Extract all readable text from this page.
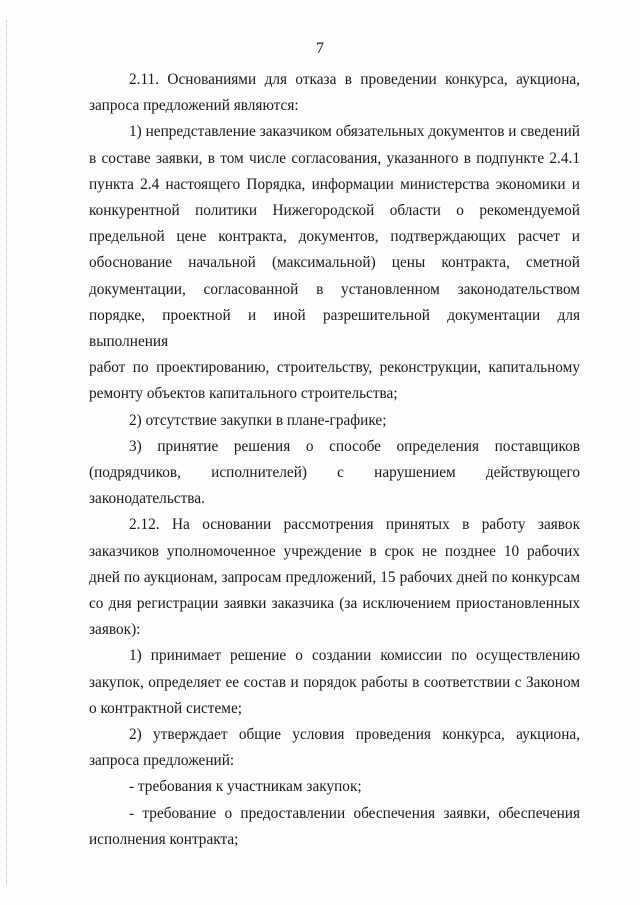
7

2.11. Основаниями для отказа в проведении конкурса, аукциона,

запроса предложений являются:

1) непредставление заказчиком обязательных документов и сведений

в составе заявки, в том числе согласования, указанного в подпункте 2.4.1

пункта 2.4 настоящего Порядка, информации министерства экономики и

конкурентной политики Нижегородской области о рекомендуемой

предельной цене контракта, документов, подтверждающих расчет и

обоснование начальной (максимальной) цены контракта, сметной

документации, согласованной в установленном законодательством

порядке, проектной и иной разрешительной документации для выполнения

работ по проектированию, строительству, реконструкции, капитальному

ремонту объектов капитального строительства;

2) отсутствие закупки в плане-графике;

3) принятие решения о способе определения поставщиков

(подрядчиков, исполнителей) с нарушением действующего

законодательства.

2.12. На основании рассмотрения принятых в работу заявок

заказчиков уполномоченное учреждение в срок не позднее 10 рабочих

дней по аукционам, запросам предложений, 15 рабочих дней по конкурсам

со дня регистрации заявки заказчика (за исключением приостановленных

заявок):

1) принимает решение о создании комиссии по осуществлению

закупок, определяет ее состав и порядок работы в соответствии с Законом

о контрактной системе;

2) утверждает общие условия проведения конкурса, аукциона,

запроса предложений:

- требования к участникам закупок;

- требование о предоставлении обеспечения заявки, обеспечения

исполнения контракта;
